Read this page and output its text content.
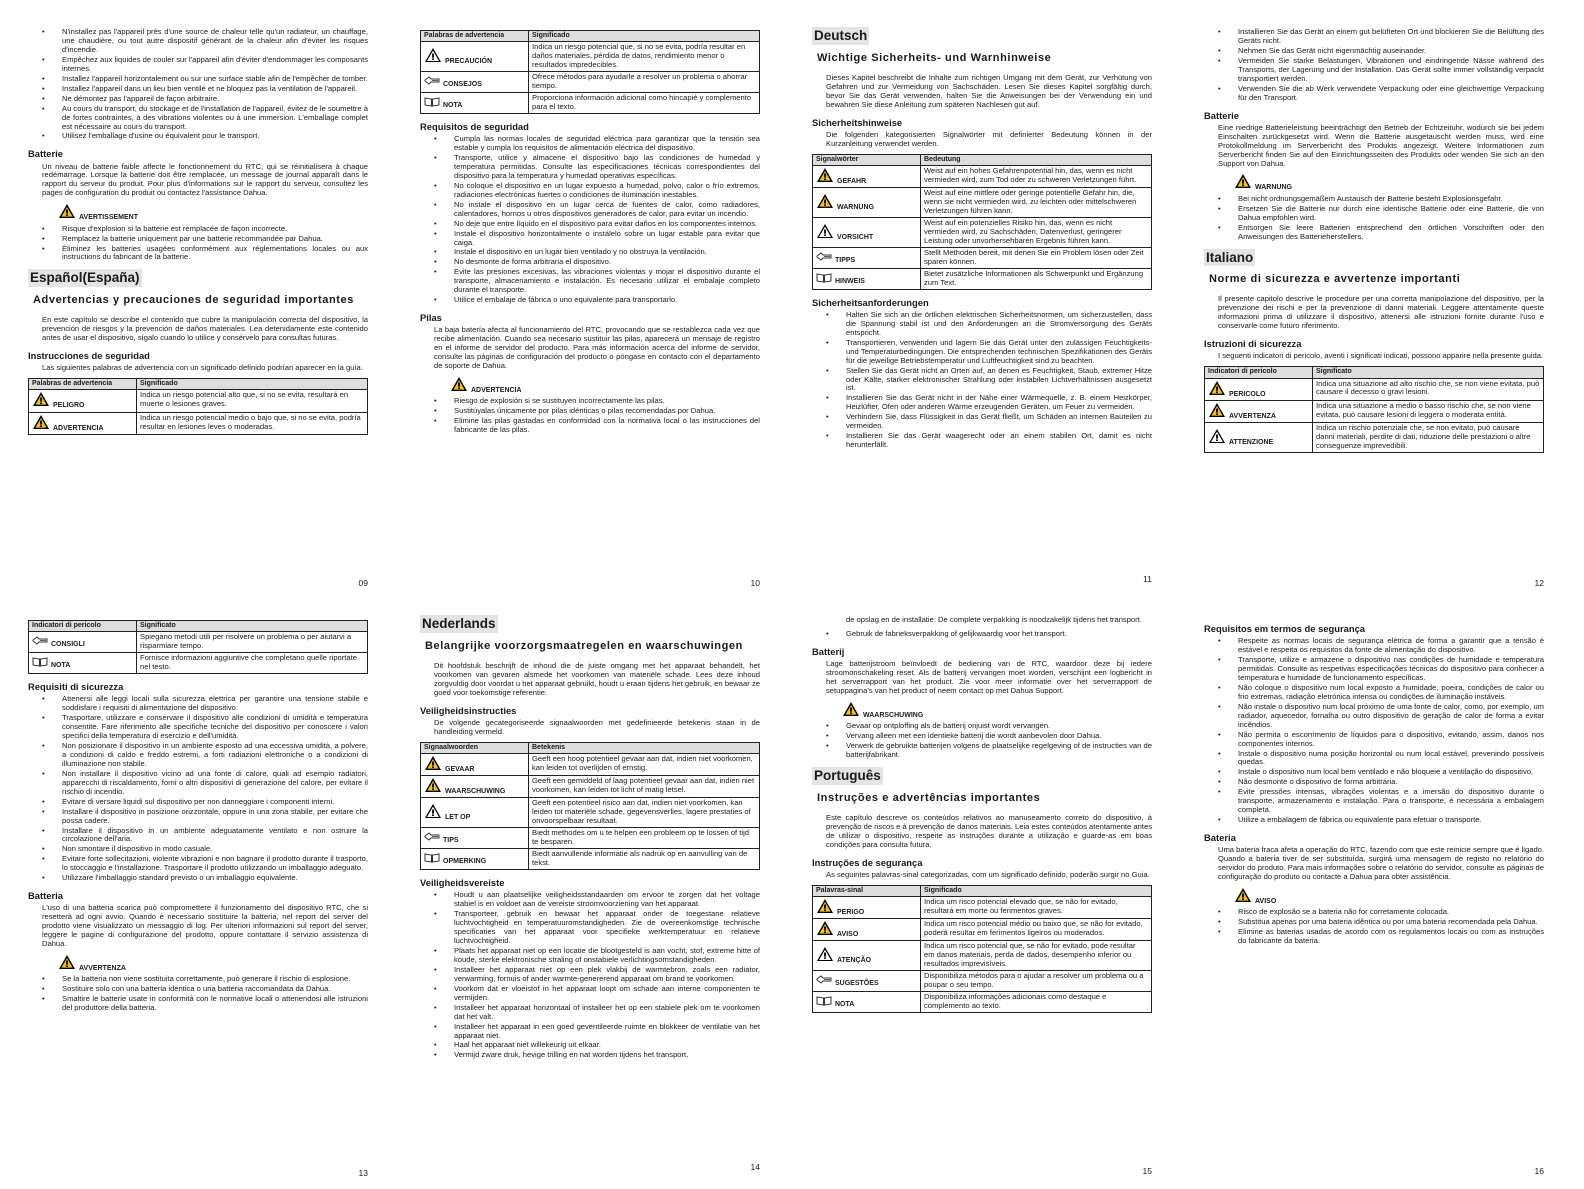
• N'installez pas l'appareil près d'une source de chaleur telle qu'un radiateur, un chauffage, une chaudière, ou tout autre dispositif générant de la chaleur afin d'éviter les risques d'incendie.
• Empêchez aux liquides de couler sur l'appareil afin d'éviter d'endommager les composants internes.
• Installez l'appareil horizontalement ou sur une surface stable afin de l'empêcher de tomber.
• Installez l'appareil dans un lieu bien ventilé et ne bloquez pas la ventilation de l'appareil.
• Ne démontez pas l'appareil de façon arbitraire.
• Au cours du transport, du stockage et de l'installation de l'appareil, évitez de le soumettre à de fortes contraintes, à des vibrations violentes ou à une immersion. L'emballage complet est nécessaire au cours du transport.
• Utilisez l'emballage d'usine ou équivalent pour le transport.
Batterie

Un niveau de batterie faible affecte le fonctionnement du RTC, qui se réinitialisera à chaque redémarrage. Lorsque la batterie doit être remplacée, un message de journal apparaît dans le rapport du serveur du produit. Pour plus d'informations sur le rapport du serveur, consultez les pages de configuration du produit ou contactez l'assistance Dahua.

AVERTISSEMENT
• Risque d'explosion si la batterie est remplacée de façon incorrecte.
• Remplacez la batterie uniquement par une batterie recommandée par Dahua.
• Éliminez les batteries usagées conformément aux réglementations locales ou aux instructions du fabricant de la batterie.
Español(España)
Advertencias y precauciones de seguridad importantes

En este capítulo se describe el contenido que cubre la manipulación correcta del dispositivo, la prevención de riesgos y la prevención de daños materiales. Lea detenidamente este contenido antes de usar el dispositivo, sígalo cuando lo utilice y consérvelo para consultas futuras.

Instrucciones de seguridad

Las siguientes palabras de advertencia con un significado definido podrían aparecer en la guía.

Palabras de advertencia	Significado

PELIGRO	Indica un riesgo potencial alto que, si no se evita, resultará en muerte o lesiones graves.

ADVERTENCIA	Indica un riesgo potencial medio o bajo que, si no se evita, podría resultar en lesiones leves o moderadas.
09
Palabras de advertencia	Significado

PRECAUCIÓN	Indica un riesgo potencial que, si no se evita, podría resultar en daños materiales, pérdida de datos, rendimiento menor o resultados impredecibles.

CONSEJOS	Ofrece métodos para ayudarle a resolver un problema o ahorrar tiempo.

NOTA	Proporciona información adicional como hincapié y complemento para el texto.
Requisitos de seguridad
• Cumpla las normas locales de seguridad eléctrica para garantizar que la tensión sea estable y cumpla los requisitos de alimentación eléctrica del dispositivo.
• Transporte, utilice y almacene el dispositivo bajo las condiciones de humedad y temperatura permitidas. Consulte las especificaciones técnicas correspondientes del dispositivo para la temperatura y humedad operativas específicas.
• No coloque el dispositivo en un lugar expuesto a humedad, polvo, calor o frío extremos, radiaciones electrónicas fuertes o condiciones de iluminación inestables.
• No instale el dispositivo en un lugar cerca de fuentes de calor, como radiadores, calentadores, hornos u otros dispositivos generadores de calor, para evitar un incendio.
• No deje que entre líquido en el dispositivo para evitar daños en los componentes internos.
• Instale el dispositivo horizontalmente o instálelo sobre un lugar estable para evitar que caiga.
• Instale el dispositivo en un lugar bien ventilado y no obstruya la ventilación.
• No desmonte de forma arbitraria el dispositivo.
• Evite las presiones excesivas, las vibraciones violentas y mojar el dispositivo durante el transporte, almacenamiento e instalación. Es necesario utilizar el embalaje completo durante el transporte.
• Utilice el embalaje de fábrica o uno equivalente para transportarlo.
Pilas

La baja batería afecta al funcionamiento del RTC, provocando que se restablezca cada vez que recibe alimentación. Cuando sea necesario sustituir las pilas, aparecerá un mensaje de registro en el informe de servidor del producto. Para más información acerca del informe de servidor, consulte las páginas de configuración del producto o póngase en contacto con el departamento de soporte de Dahua.

ADVERTENCIA
• Riesgo de explosión si se sustituyen incorrectamente las pilas.
• Sustitúyalas únicamente por pilas idénticas o pilas recomendadas por Dahua.
• Elimine las pilas gastadas en conformidad con la normativa local o las instrucciones del fabricante de las pilas.
10
Deutsch
Wichtige Sicherheits- und Warnhinweise

Dieses Kapitel beschreibt die Inhalte zum richtigen Umgang mit dem Gerät, zur Verhütung von Gefahren und zur Vermeidung von Sachschäden. Lesen Sie dieses Kapitel sorgfältig durch, bevor Sie das Gerät verwenden, halten Sie die Anweisungen bei der Verwendung ein und bewahren Sie diese Anleitung zum späteren Nachlesen gut auf.

Sicherheitshinweise

Die folgenden kategorisierten Signalwörter mit definierter Bedeutung können in der Kurzanleitung verwendet werden.

Signalwörter	Bedeutung

GEFAHR	Weist auf ein hohes Gefahrenpotential hin, das, wenn es nicht vermieden wird, zum Tod oder zu schweren Verletzungen führt.

WARNUNG	Weist auf eine mittlere oder geringe potentielle Gefahr hin, die, wenn sie nicht vermieden wird, zu leichten oder mittelschweren Verletzungen führen kann.

VORSICHT	Weist auf ein potenzielles Risiko hin, das, wenn es nicht vermieden wird, zu Sachschäden, Datenverlust, geringerer Leistung oder unvorhersehbaren Ergebnis führen kann.

TIPPS	Stellt Methoden bereit, mit denen Sie ein Problem lösen oder Zeit sparen können.

HINWEIS	Bietet zusätzliche Informationen als Schwerpunkt und Ergänzung zum Text.
Sicherheitsanforderungen
• Halten Sie sich an die örtlichen elektrischen Sicherheitsnormen, um sicherzustellen, dass die Spannung stabil ist und den Anforderungen an die Stromversorgung des Geräts entspricht.
• Transportieren, verwenden und lagern Sie das Gerät unter den zulässigen Feuchtigkeits- und Temperaturbedingungen. Die entsprechenden technischen Spezifikationen des Geräts für die jeweilige Betriebstemperatur und Luftfeuchtigkeit sind zu beachten.
• Stellen Sie das Gerät nicht an Orten auf, an denen es Feuchtigkeit, Staub, extremer Hitze oder Kälte, starker elektronischer Strahlung oder instabilen Lichtverhältnissen ausgesetzt ist.
• Installieren Sie das Gerät nicht in der Nähe einer Wärmequelle, z. B. einem Heizkörper, Heizlüfter, Ofen oder anderen Wärme erzeugenden Geräten, um Feuer zu vermeiden.
• Verhindern Sie, dass Flüssigkeit in das Gerät fließt, um Schäden an internen Bauteilen zu vermeiden.
• Installieren Sie das Gerät waagerecht oder an einem stabilen Ort, damit es nicht herunterfällt.
11
• Installieren Sie das Gerät an einem gut belüfteten Ort und blockieren Sie die Belüftung des Geräts nicht.
• Nehmen Sie das Gerät nicht eigenmächtig auseinander.
• Vermeiden Sie starke Belastungen, Vibrationen und eindringende Nässe während des Transports, der Lagerung und der Installation. Das Gerät sollte immer vollständig verpackt transportiert werden.
• Verwenden Sie die ab Werk verwendete Verpackung oder eine gleichwertige Verpackung für den Transport.
Batterie

Eine niedrige Batterieleistung beeinträchtigt den Betrieb der Echtzeituhr, wodurch sie bei jedem Einschalten zurückgesetzt wird. Wenn die Batterie ausgetauscht werden muss, wird eine Protokollmeldung im Serverbericht des Produkts angezeigt. Weitere Informationen zum Serverbericht finden Sie auf den Einrichtungsseiten des Produkts oder wenden Sie sich an den Support von Dahua.

WARNUNG
• Bei nicht ordnungsgemäßem Austausch der Batterie besteht Explosionsgefahr.
• Ersetzen Sie die Batterie nur durch eine identische Batterie oder eine Batterie, die von Dahua empfohlen wird.
• Entsorgen Sie leere Batterien entsprechend den örtlichen Vorschriften oder den Anweisungen des Batterieherstellers.
Italiano
Norme di sicurezza e avvertenze importanti

Il presente capitolo descrive le procedure per una corretta manipolazione del dispositivo, per la prevenzione dei rischi e per la prevenzione di danni materiali. Leggere attentamente queste informazioni prima di utilizzare il dispositivo, attenersi alle istruzioni fornite durante l'uso e conservarle come futuro riferimento.

Istruzioni di sicurezza

I seguenti indicatori di pericolo, aventi i significati indicati, possono apparire nella presente guida.

Indicatori di pericolo	Significato

PERICOLO	Indica una situazione ad alto rischio che, se non viene evitata, può causare il decesso o gravi lesioni.

AVVERTENZA	Indica una situazione a medio o basso rischio che, se non viene evitata, può causare lesioni di leggera o moderata entità.

ATTENZIONE	Indica un rischio potenziale che, se non evitato, può causare danni materiali, perdite di dati, riduzione delle prestazioni o altre conseguenze imprevedibili.
12
Indicatori di pericolo	Significato

CONSIGLI	Spiegano metodi utili per risolvere un problema o per aiutarvi a risparmiare tempo.

NOTA	Fornisce informazioni aggiuntive che completano quelle riportate nel testo.
Requisiti di sicurezza
• Attenersi alle leggi locali sulla sicurezza elettrica per garantire una tensione stabile e soddisfare i requisiti di alimentazione del dispositivo.
• Trasportare, utilizzare e conservare il dispositivo alle condizioni di umidità e temperatura consentite. Fare riferimento alle specifiche tecniche del dispositivo per conoscere i valori specifici della temperatura di esercizio e dell'umidità.
• Non posizionare il dispositivo in un ambiente esposto ad una eccessiva umidità, a polvere, a condizioni di caldo e freddo estremi, a forti radiazioni elettroniche o a condizioni di illuminazione non stabile.
• Non installare il dispositivo vicino ad una fonte di calore, quali ad esempio radiatori, apparecchi di riscaldamento, forni o altri dispositivi di generazione del calore, per evitare il rischio di incendio.
• Evitare di versare liquidi sul dispositivo per non danneggiare i componenti interni.
• Installare il dispositivo in posizione orizzontale, oppure in una zona stabile, per evitare che possa cadere.
• Installare il dispositivo in un ambiente adeguatamente ventilato e non ostruire la circolazione dell'aria.
• Non smontare il dispositivo in modo casuale.
• Evitare forte sollecitazioni, violente vibrazioni e non bagnare il prodotto durante il trasporto, lo stoccaggio e l'installazione. Trasportare il prodotto utilizzando un imballaggio adeguato.
• Utilizzare l'imballaggio standard previsto o un imballaggio equivalente.
Batteria

L'uso di una batteria scarica può compromettere il funzionamento del dispositivo RTC, che si resetterà ad ogni avvio. Quando è necessario sostituire la batteria, nel report del server del prodotto viene visualizzato un messaggio di log. Per ulteriori informazioni sul report del server, leggere le pagine di configurazione del prodotto, oppure contattare il servizio assistenza di Dahua.

AVVERTENZA
• Se la batteria non viene sostituita correttamente, può generare il rischio di esplosione.
• Sostituire solo con una batteria identica o una batteria raccomandata da Dahua.
• Smaltire le batterie usate in conformità con le normative locali o attenendosi alle istruzioni del produttore della batteria.
13
Nederlands
Belangrijke voorzorgsmaatregelen en waarschuwingen

Dit hoofdstuk beschrijft de inhoud die de juiste omgang met het apparaat behandelt, het voorkomen van gevaren alsmede het voorkomen van materiële schade. Lees deze inhoud zorgvuldig door voordat u het apparaat gebruikt, houdt u eraan tijdens het gebruik, en bewaar ze goed voor toekomstige referentie.

Veiligheidsinstructies

De volgende gecategoriseerde signaalwoorden met gedefinieerde betekenis staan in de handleiding vermeld.

Signaalwoorden	Betekenis

GEVAAR	Geeft een hoog potentieel gevaar aan dat, indien niet voorkomen, kan leiden tot overlijden of ernstig.

WAARSCHUWING	Geeft een gemiddeld of laag potentieel gevaar aan dat, indien niet voorkomen, kan leiden tot licht of matig letsel.

LET OP	Geeft een potentieel risico aan dat, indien niet voorkomen, kan leiden tot materiële schade, gegevensverlies, lagere prestaties of onvoorspelbaar resultaat.

TIPS	Biedt methodes om u te helpen een probleem op te lossen of tijd te besparen.

OPMERKING	Biedt aanvullende informatie als nadruk op en aanvulling van de tekst.
Veiligheidsvereiste
• Houdt u aan plaatselijke veiligheidsstandaarden om ervoor te zorgen dat het voltage stabiel is en voldoet aan de vereiste stroomvoorziening van het apparaat.
• Transporteer, gebruik en bewaar het apparaat onder de toegestane relatieve luchtvochtigheid en temperatuuromstandigheden. Zie de overeenkomstige technische specificaties van het apparaat voor specifieke werktemperatuur en relatieve luchtvochtigheid.
• Plaats het apparaat niet op een locatie die blootgesteld is aan vocht, stof, extreme hitte of koude, sterke elektronische straling of onstabiele verlichtingsomstandigheden.
• Installeer het apparaat niet op een plek vlakbij de warmtebron, zoals een radiator, verwarming, fornuis of ander warmte-genererend apparaat om brand te voorkomen.
• Voorkom dat er vloeistof in het apparaat loopt om schade aan interne componenten te vermijden.
• Installeer het apparaat horizontaal of installeer het op een stabiele plek om te voorkomen dat het valt.
• Installeer het apparaat in een goed geventileerde ruimte en blokkeer de ventilatie van het apparaat niet.
• Haal het apparaat niet willekeurig uit elkaar.
• Vermijd zware druk, hevige trilling en nat worden tijdens het transport,
14

de opslag en de installatie. De complete verpakking is noodzakelijk tijdens het transport.

• Gebruik de fabrieksverpakking of gelijkwaardig voor het transport.
Batterij

Lage batterijstroom beïnvloedt de bediening van de RTC, waardoor deze bij iedere stroomonschakeling reset. Als de batterij vervangen moet worden, verschijnt een logbericht in het serverrapport van het product. Zie voor meer informatie over het serverrapport de setuppagina's van het product of neem contact op met Dahua Support.

WAARSCHUWING
• Gevaar op ontploffing als de batterij onjuist wordt vervangen.
• Vervang alleen met een identieke batterij die wordt aanbevolen door Dahua.
• Verwerk de gebruikte batterijen volgens de plaatselijke regelgeving of de instructies van de batterijfabrikant.
Português
Instruções e advertências importantes

Este capítulo descreve os conteúdos relativos ao manuseamento correto do dispositivo, à prevenção de riscos e à prevenção de danos materiais. Leia estes conteúdos atentamente antes de utilizar o dispositivo, respeite as instruções durante a utilização e guarde-as em boas condições para consulta futura.

Instruções de segurança

As seguintes palavras-sinal categorizadas, com um significado definido, poderão surgir no Guia.

Palavras-sinal	Significado

PERIGO	Indica um risco potencial elevado que, se não for evitado, resultará em morte ou ferimentos graves.

AVISO	Indica um risco potencial médio ou baixo que, se não for evitado, poderá resultar em ferimentos ligeiros ou moderados.

ATENÇÃO	Indica um risco potencial que, se não for evitado, pode resultar em danos materiais, perda de dados, desempenho inferior ou resultados imprevisíveis.

SUGESTÕES	Disponibiliza métodos para o ajudar a resolver um problema ou a poupar o seu tempo.

NOTA	Disponibiliza informações adicionais como destaque e complemento ao texto.
15
Requisitos em termos de segurança
• Respeite as normas locais de segurança elétrica de forma a garantir que a tensão é estável e respeita os requisitos da fonte de alimentação do dispositivo.
• Transporte, utilize e armazene o dispositivo nas condições de humidade e temperatura permitidas. Consulte as respetivas especificações técnicas do dispositivo para conhecer a temperatura e humidade de funcionamento específicas.
• Não coloque o dispositivo num local exposto a humidade, poeira, condições de calor ou frio extremas, radiação eletrónica intensa ou condições de iluminação instáveis.
• Não instale o dispositivo num local próximo de uma fonte de calor, como, por exemplo, um radiador, aquecedor, fornalha ou outro dispositivo de geração de calor de forma a evitar incêndios.
• Não permita o escorrimento de líquidos para o dispositivo, evitando, assim, danos nos componentes internos.
• Instale o dispositivo numa posição horizontal ou num local estável, prevenindo possíveis quedas.
• Instale o dispositivo num local bem ventilado e não bloqueie a ventilação do dispositivo.
• Não desmonte o dispositivo de forma arbitrária.
• Evite pressões intensas, vibrações violentas e a imersão do dispositivo durante o transporte, armazenamento e instalação. Para o transporte, é necessária a embalagem completa.
• Utilize a embalagem de fábrica ou equivalente para efetuar o transporte.
Bateria

Uma bateria fraca afeta a operação do RTC, fazendo com que este reinicie sempre que é ligado. Quando a bateria tiver de ser substituída, surgirá uma mensagem de registo no relatório do servidor do produto. Para mais informações sobre o relatório do servidor, consulte as páginas de configuração do produto ou contacte a Dahua para obter assistência.

AVISO
• Risco de explosão se a bateria não for corretamente colocada.
• Substitua apenas por uma bateria idêntica ou por uma bateria recomendada pela Dahua.
• Elimine as baterias usadas de acordo com os regulamentos locais ou com as instruções do fabricante da bateria.
16
